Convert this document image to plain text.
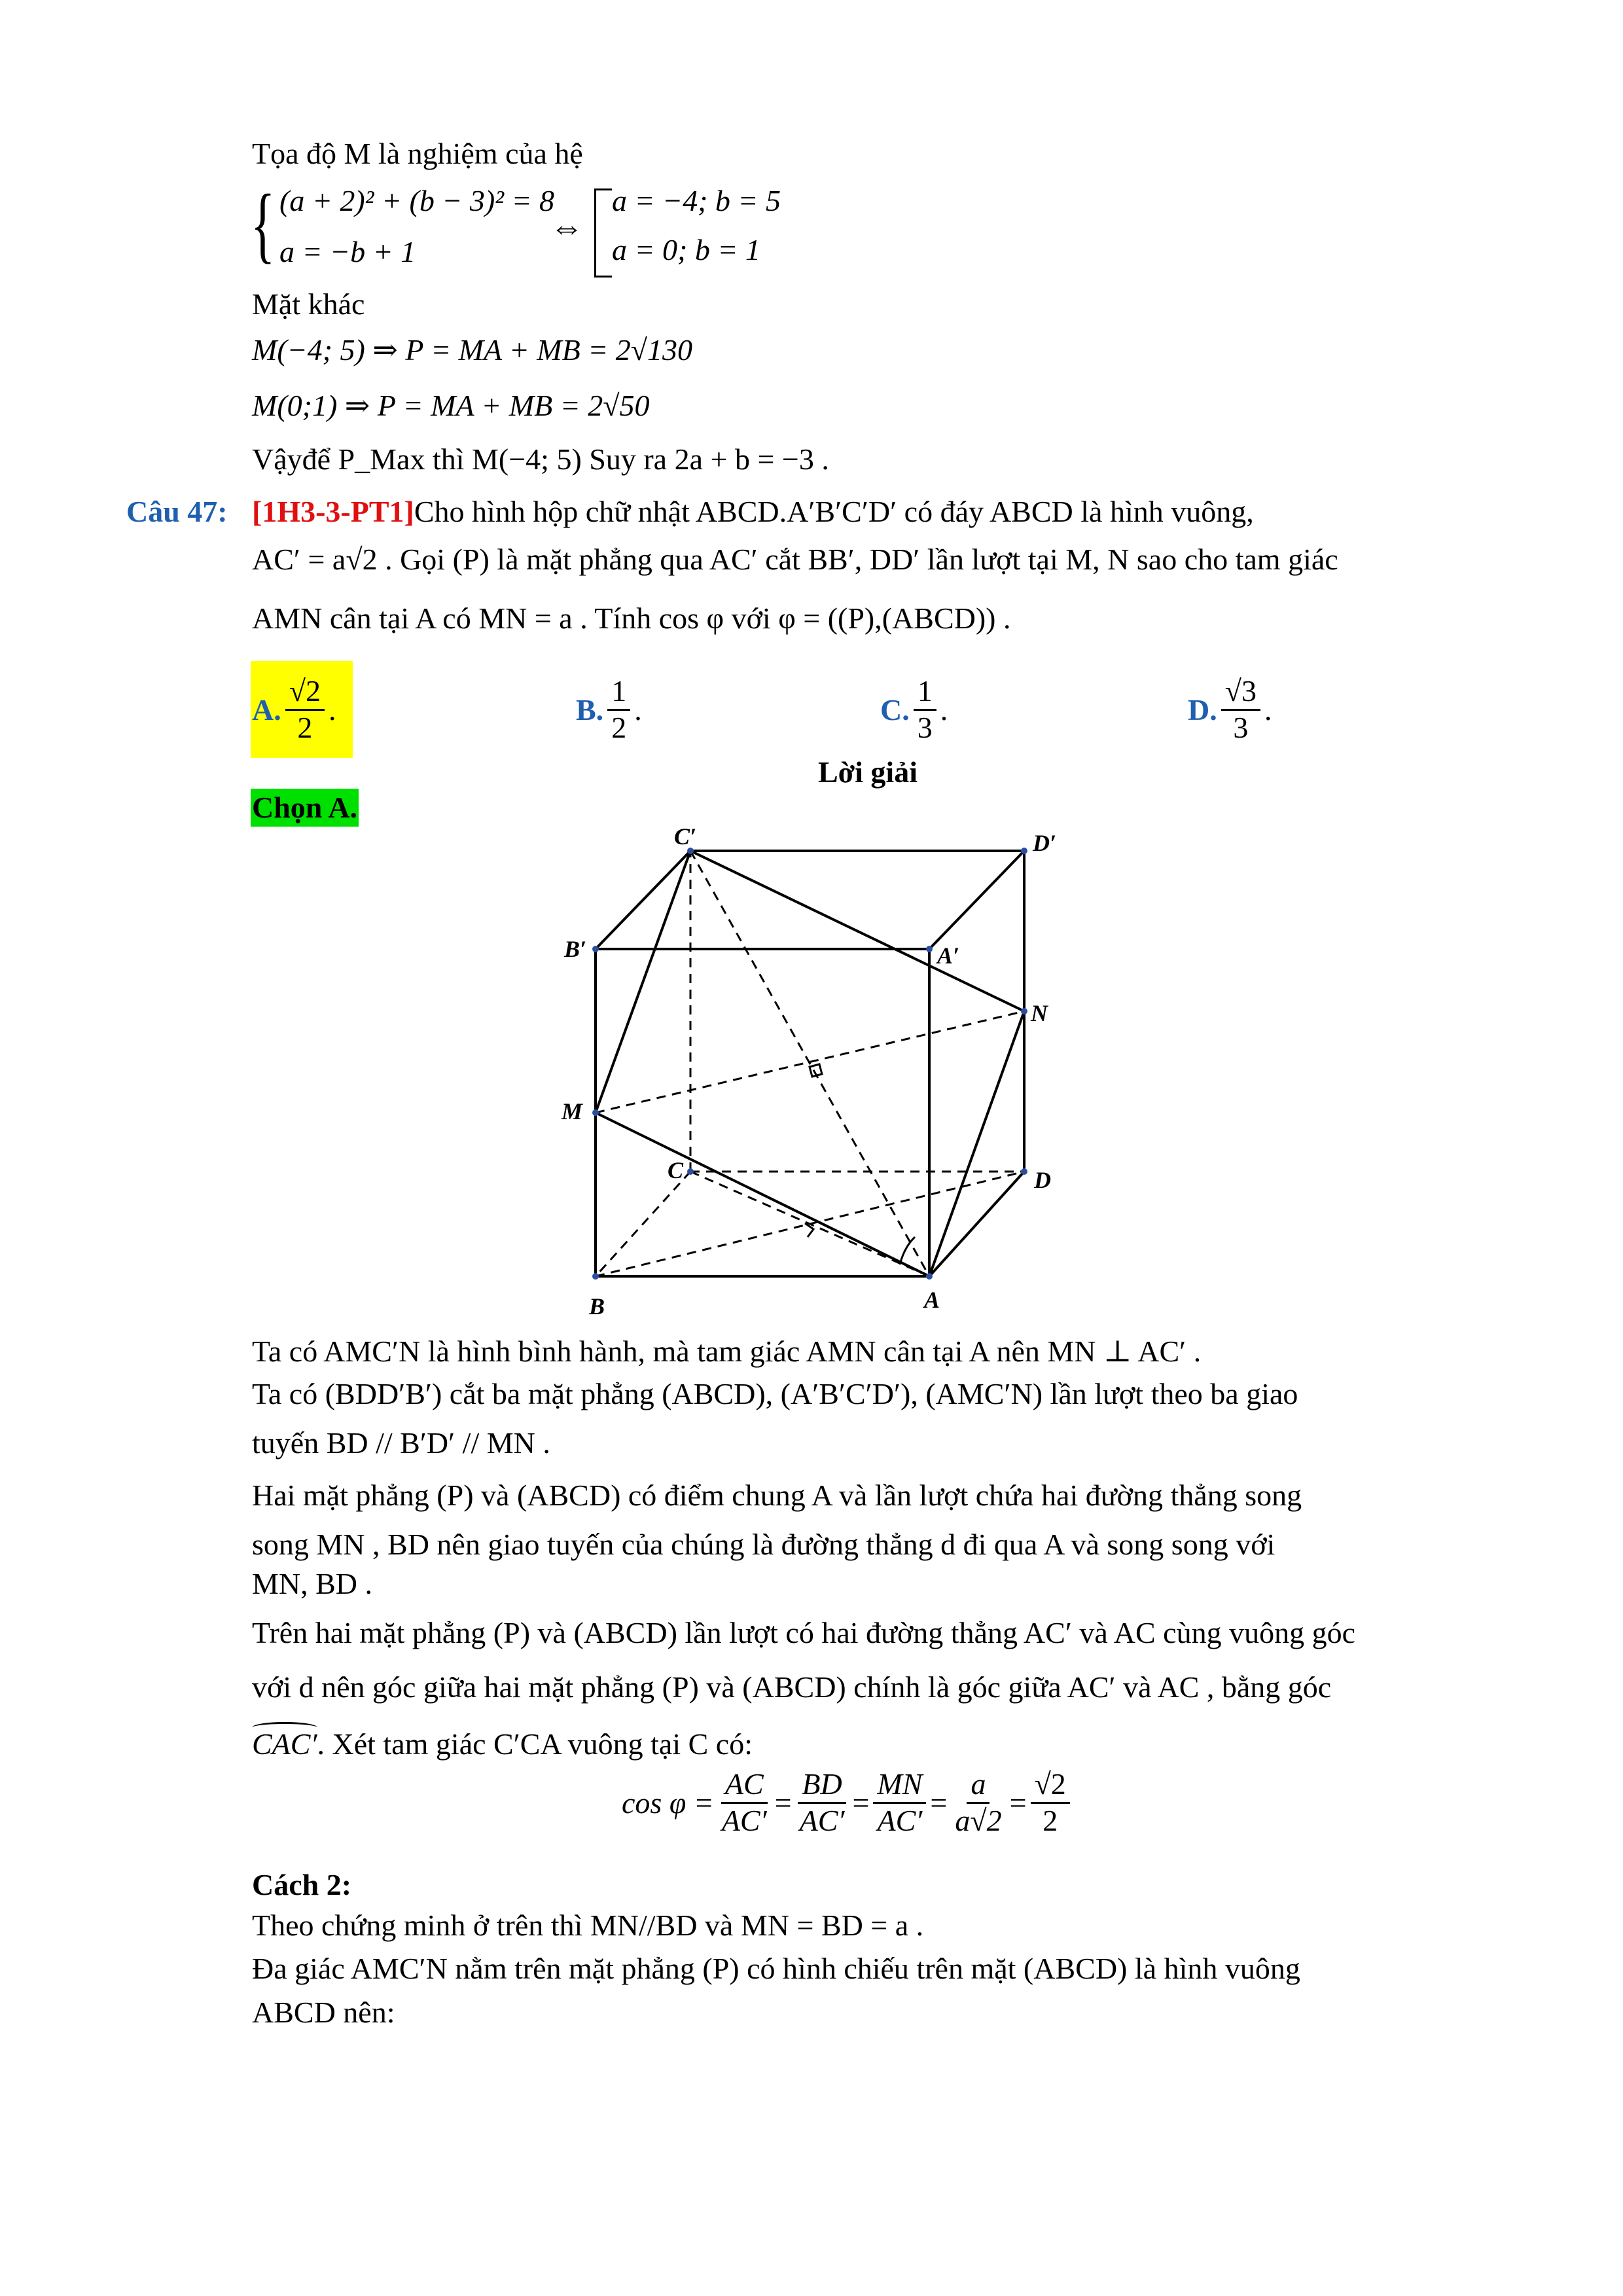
Tọa độ M là nghiệm của hệ
{ (a + 2)² + (b − 3)² = 8
a = −b + 1
⇔
a = −4; b = 5
a = 0; b = 1
Mặt khác
M(−4; 5) ⇒ P = MA + MB = 2√130
M(0;1) ⇒ P = MA + MB = 2√50
Vậyđể P_Max thì M(−4; 5) Suy ra 2a + b = −3 .
Câu 47: [1H3-3-PT1]Cho hình hộp chữ nhật ABCD.A′B′C′D′ có đáy ABCD là hình vuông,
AC′ = a√2 . Gọi (P) là mặt phẳng qua AC′ cắt BB′, DD′ lần lượt tại M, N sao cho tam giác
AMN cân tại A có MN = a . Tính cos φ với φ = ((P),(ABCD)) .
A. $\frac{√2}{2}$ .	B. $\frac{1}{2}$ .	C. $\frac{1}{3}$ .	D. $\frac{√3}{3}$ .
Lời giải
Chọn A.
C′	D′
B′	A′
N
M
C	D
B	A
Ta có AMC′N là hình bình hành, mà tam giác AMN cân tại A nên MN ⊥ AC′ .
Ta có (BDD′B′) cắt ba mặt phẳng (ABCD), (A′B′C′D′), (AMC′N) lần lượt theo ba giao
tuyến BD // B′D′ // MN .
Hai mặt phẳng (P) và (ABCD) có điểm chung A và lần lượt chứa hai đường thẳng song
song MN , BD nên giao tuyến của chúng là đường thẳng d đi qua A và song song với
MN, BD .
Trên hai mặt phẳng (P) và (ABCD) lần lượt có hai đường thẳng AC′ và AC cùng vuông góc
với d nên góc giữa hai mặt phẳng (P) và (ABCD) chính là góc giữa AC′ và AC , bằng góc
CAC′. Xét tam giác C′CA vuông tại C có:
$\cos \varphi = \frac{AC}{AC'} = \frac{BD}{AC'} = \frac{MN}{AC'} = \frac{a}{a√2} = \frac{√2}{2}$
Cách 2:
Theo chứng minh ở trên thì MN//BD và MN = BD = a .
Đa giác AMC′N nằm trên mặt phẳng (P) có hình chiếu trên mặt (ABCD) là hình vuông
ABCD nên:
